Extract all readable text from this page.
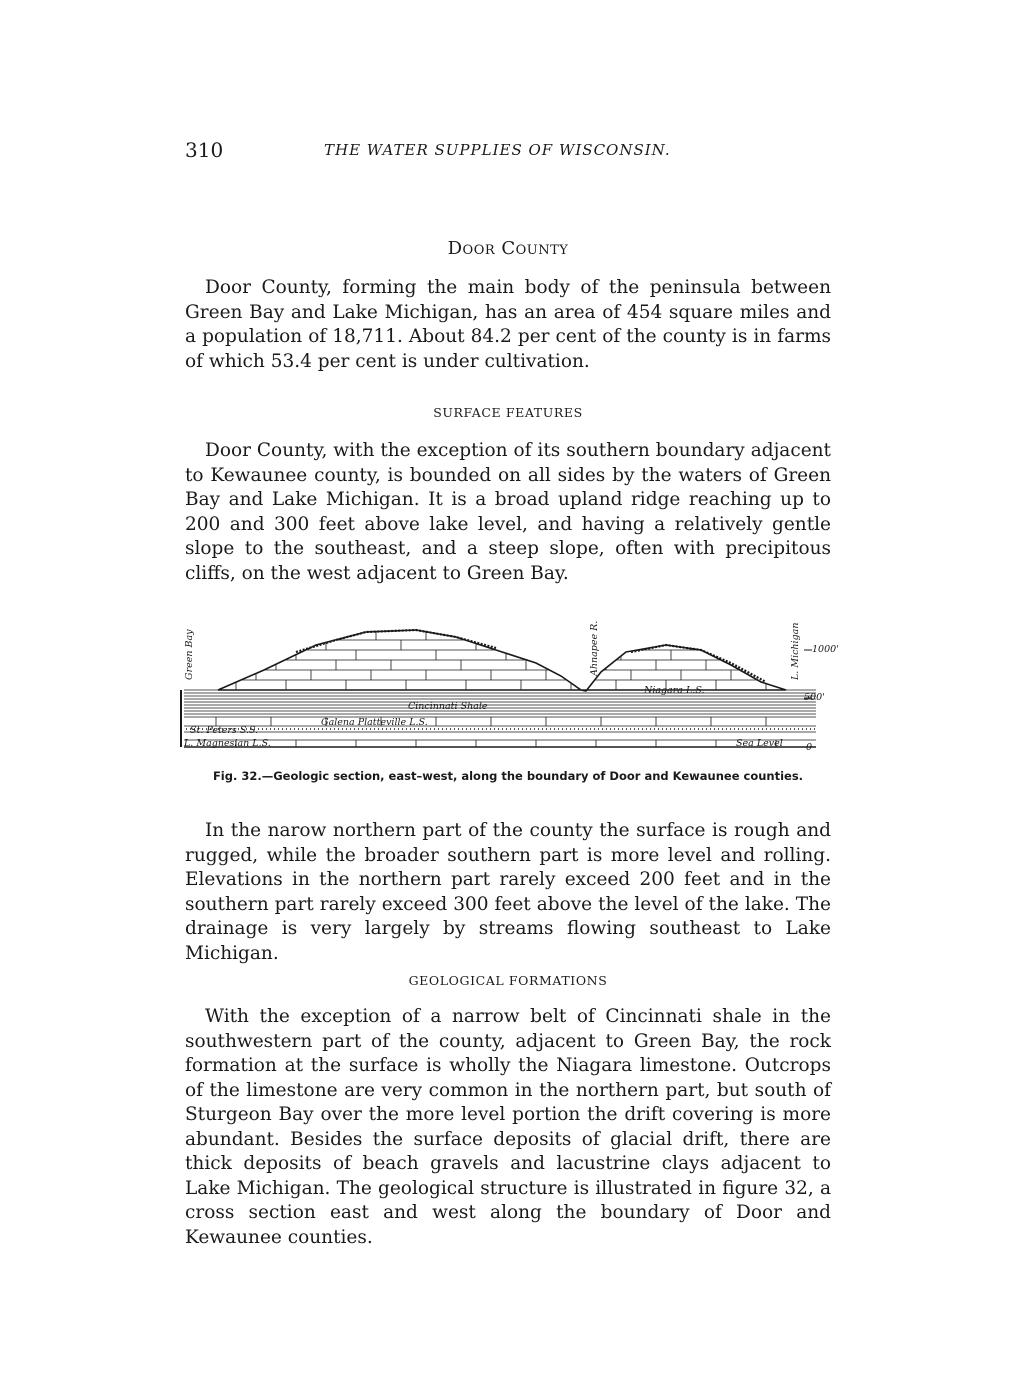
310	THE WATER SUPPLIES OF WISCONSIN.
Door County
Door County, forming the main body of the peninsula between Green Bay and Lake Michigan, has an area of 454 square miles and a population of 18,711. About 84.2 per cent of the county is in farms of which 53.4 per cent is under cultivation.
SURFACE FEATURES
Door County, with the exception of its southern boundary adjacent to Kewaunee county, is bounded on all sides by the waters of Green Bay and Lake Michigan. It is a broad upland ridge reaching up to 200 and 300 feet above lake level, and having a relatively gentle slope to the southeast, and a steep slope, often with precipitous cliffs, on the west adjacent to Green Bay.
Green Bay	Ahnapee R.	L. Michigan
Niagara L.S.
Cincinnati Shale
Galena Platteville L.S.
St. Peters S.S.
L. Magnesian L.S.	Sea Level
1000'
500'
0
Fig. 32.—Geologic section, east–west, along the boundary of Door and Kewaunee counties.
In the narow northern part of the county the surface is rough and rugged, while the broader southern part is more level and rolling. Elevations in the northern part rarely exceed 200 feet and in the southern part rarely exceed 300 feet above the level of the lake. The drainage is very largely by streams flowing southeast to Lake Michigan.
GEOLOGICAL FORMATIONS
With the exception of a narrow belt of Cincinnati shale in the southwestern part of the county, adjacent to Green Bay, the rock formation at the surface is wholly the Niagara limestone. Outcrops of the limestone are very common in the northern part, but south of Sturgeon Bay over the more level portion the drift covering is more abundant. Besides the surface deposits of glacial drift, there are thick deposits of beach gravels and lacustrine clays adjacent to Lake Michigan. The geological structure is illustrated in figure 32, a cross section east and west along the boundary of Door and Kewaunee counties.
